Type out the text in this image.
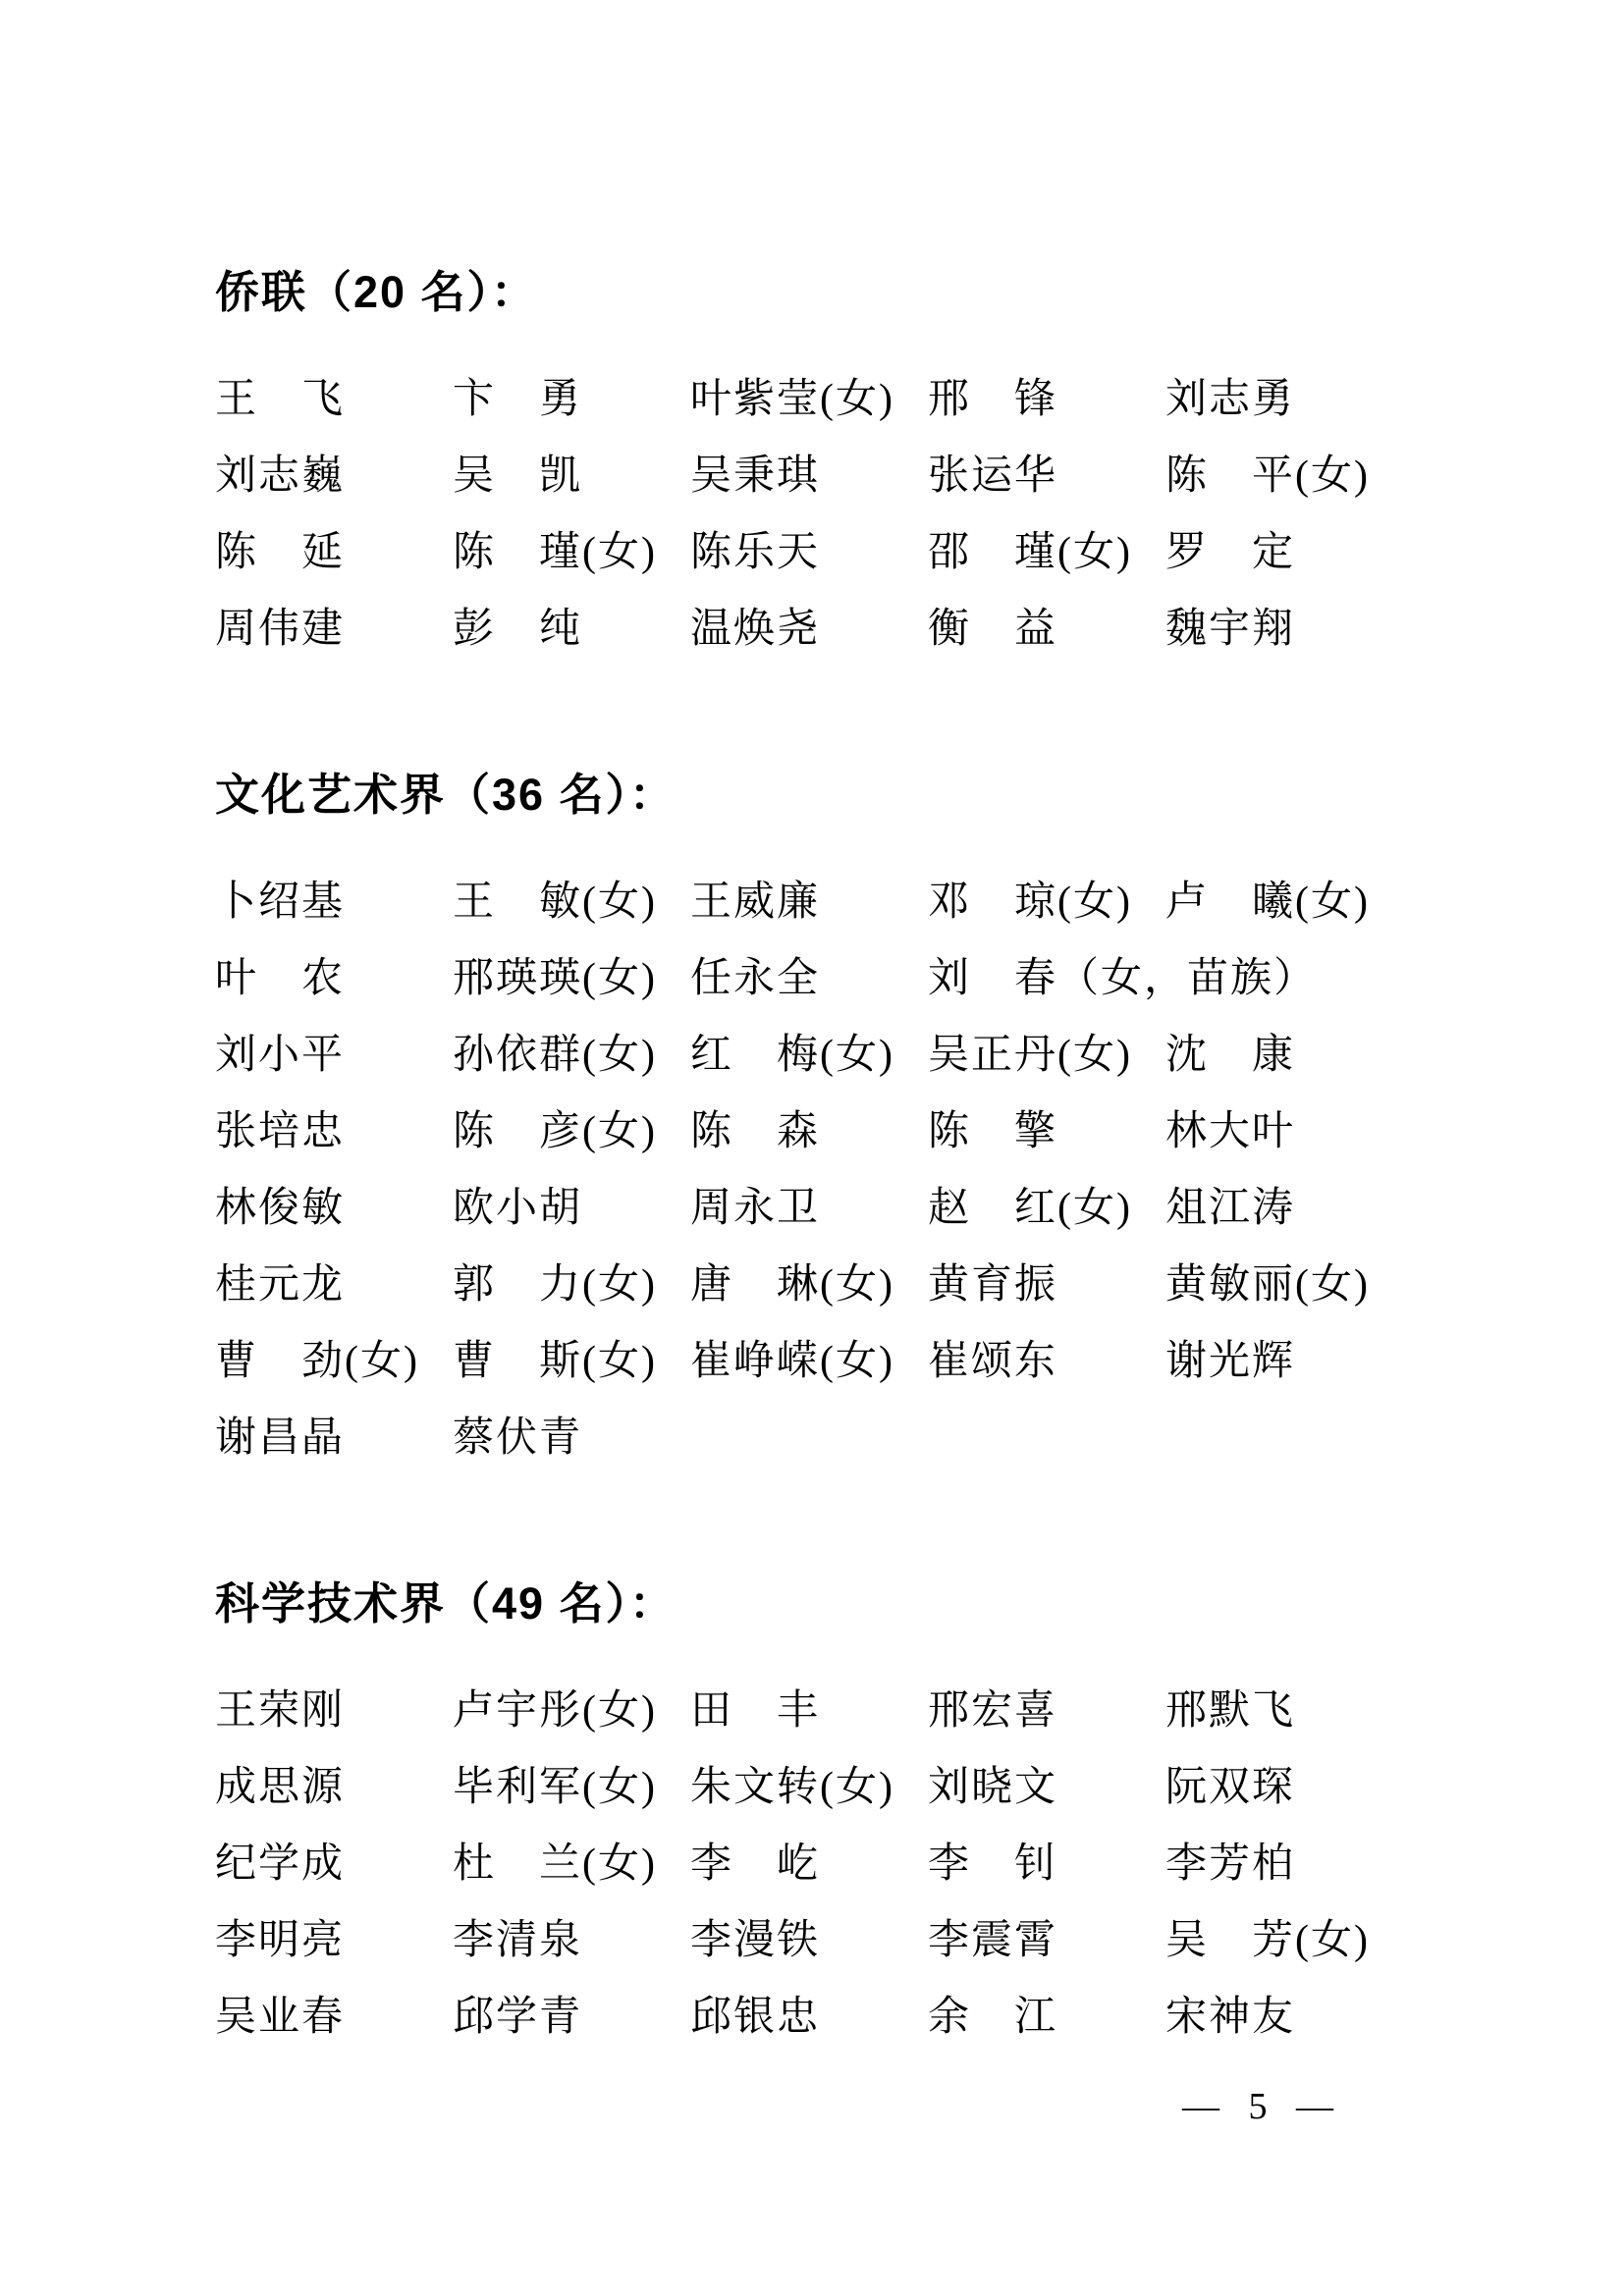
侨联（20 名）：
王　飞	卞　勇	叶紫莹(女) 邢　锋	刘志勇
刘志巍	吴　凯	吴秉琪	张运华	陈　平(女)
陈　延	陈　瑾(女) 陈乐天	邵　瑾(女) 罗　定
周伟建	彭　纯	温焕尧	衡　益	魏宇翔
文化艺术界（36 名）：
卜绍基	王　敏(女) 王威廉	邓　琼(女) 卢　曦(女)
叶　农	邢瑛瑛(女) 任永全	刘　春（女，苗族）
刘小平	孙依群(女) 红　梅(女) 吴正丹(女) 沈　康
张培忠	陈　彦(女) 陈　森	陈　擎	林大叶
林俊敏	欧小胡	周永卫	赵　红(女) 俎江涛
桂元龙	郭　力(女) 唐　琳(女) 黄育振	黄敏丽(女)
曹　劲(女) 曹　斯(女) 崔峥嵘(女) 崔颂东	谢光辉
谢昌晶	蔡伏青
科学技术界（49 名）：
王荣刚	卢宇彤(女) 田　丰	邢宏喜	邢默飞
成思源	毕利军(女) 朱文转(女) 刘晓文	阮双琛
纪学成	杜　兰(女) 李　屹	李　钊	李芳柏
李明亮	李清泉	李漫铁	李震霄	吴　芳(女)
吴业春	邱学青	邱银忠	余　江	宋神友

— 5 —
